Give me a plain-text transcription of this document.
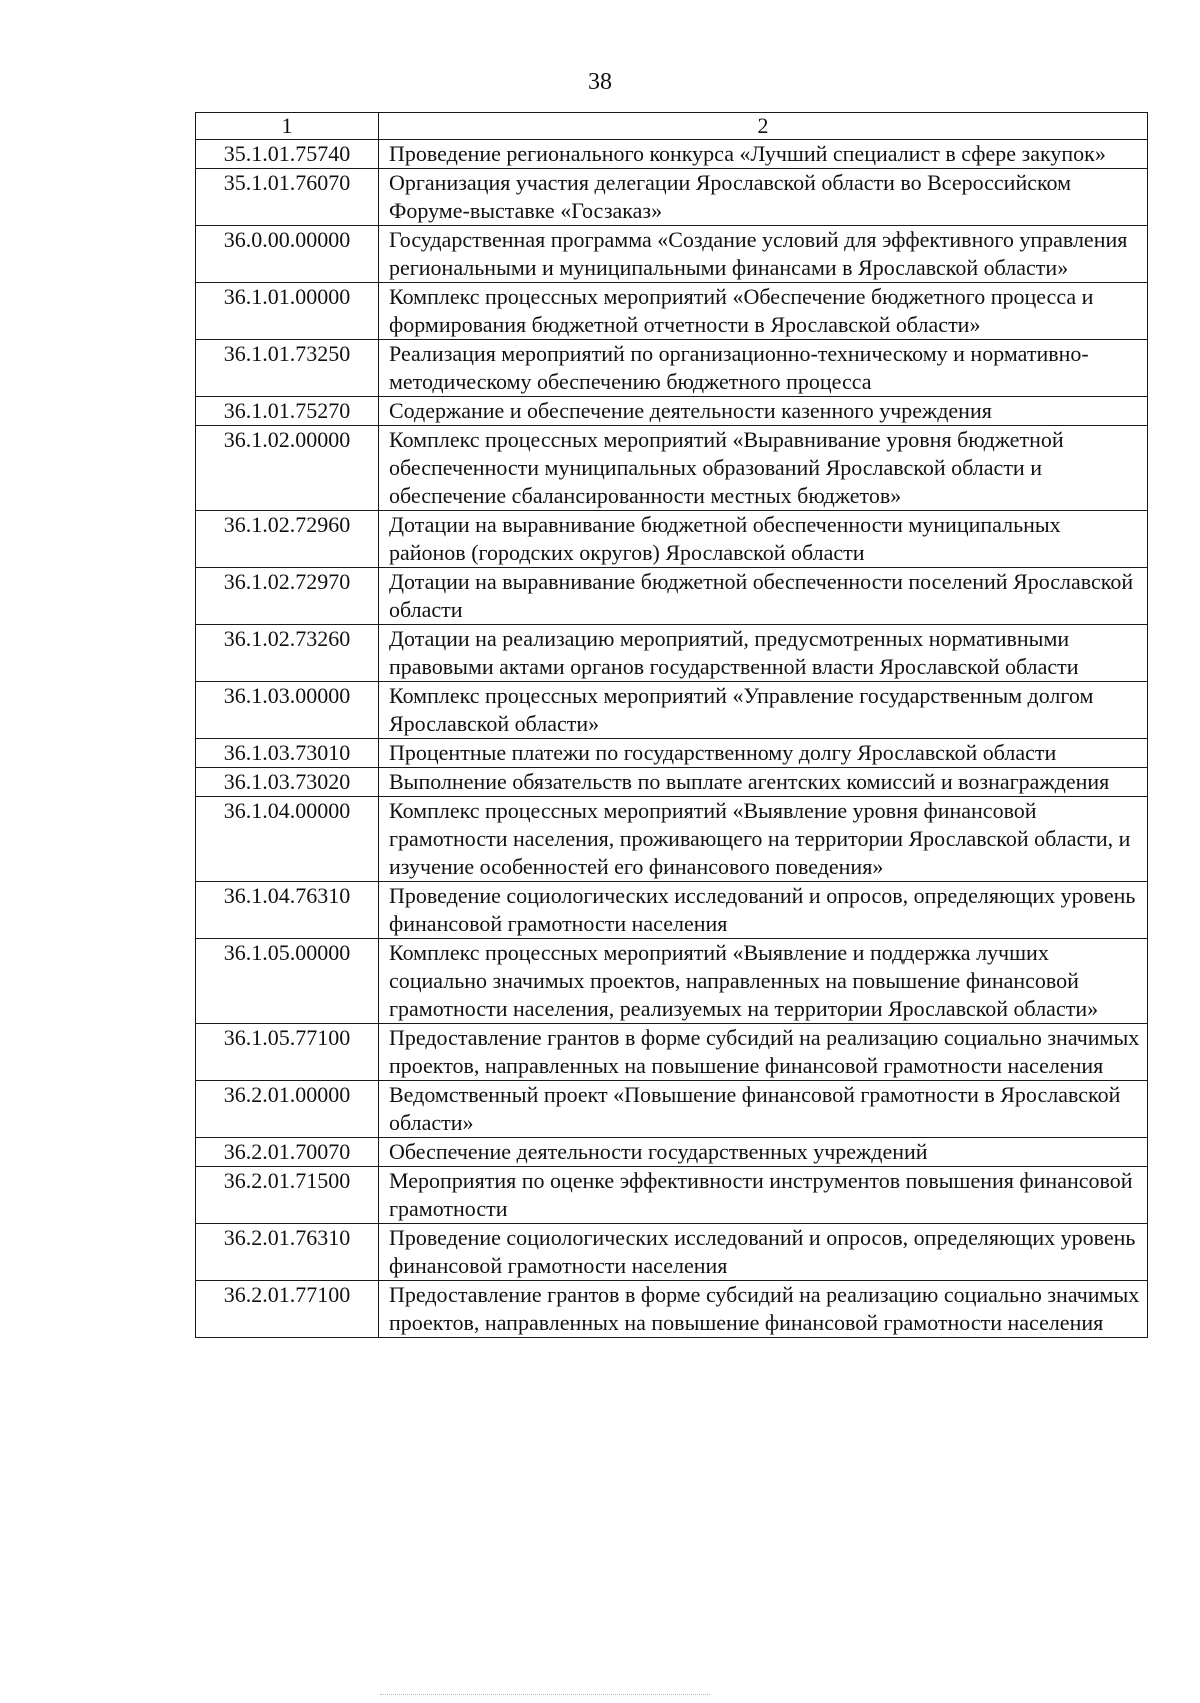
38
1	2
35.1.01.75740	Проведение регионального конкурса «Лучший специалист в сфере закупок»
35.1.01.76070	Организация участия делегации Ярославской области во Всероссийском Форуме-выставке «Госзаказ»
36.0.00.00000	Государственная программа «Создание условий для эффективного управления региональными и муниципальными финансами в Ярославской области»
36.1.01.00000	Комплекс процессных мероприятий «Обеспечение бюджетного процесса и формирования бюджетной отчетности в Ярославской области»
36.1.01.73250	Реализация мероприятий по организационно-техническому и нормативно-методическому обеспечению бюджетного процесса
36.1.01.75270	Содержание и обеспечение деятельности казенного учреждения
36.1.02.00000	Комплекс процессных мероприятий «Выравнивание уровня бюджетной обеспеченности муниципальных образований Ярославской области и обеспечение сбалансированности местных бюджетов»
36.1.02.72960	Дотации на выравнивание бюджетной обеспеченности муниципальных районов (городских округов) Ярославской области
36.1.02.72970	Дотации на выравнивание бюджетной обеспеченности поселений Ярославской области
36.1.02.73260	Дотации на реализацию мероприятий, предусмотренных нормативными правовыми актами органов государственной власти Ярославской области
36.1.03.00000	Комплекс процессных мероприятий «Управление государственным долгом Ярославской области»
36.1.03.73010	Процентные платежи по государственному долгу Ярославской области
36.1.03.73020	Выполнение обязательств по выплате агентских комиссий и вознаграждения
36.1.04.00000	Комплекс процессных мероприятий «Выявление уровня финансовой грамотности населения, проживающего на территории Ярославской области, и изучение особенностей его финансового поведения»
36.1.04.76310	Проведение социологических исследований и опросов, определяющих уровень финансовой грамотности населения
36.1.05.00000	Комплекс процессных мероприятий «Выявление и поддержка лучших социально значимых проектов, направленных на повышение финансовой грамотности населения, реализуемых на территории Ярославской области»
36.1.05.77100	Предоставление грантов в форме субсидий на реализацию социально значимых проектов, направленных на повышение финансовой грамотности населения
36.2.01.00000	Ведомственный проект «Повышение финансовой грамотности в Ярославской области»
36.2.01.70070	Обеспечение деятельности государственных учреждений
36.2.01.71500	Мероприятия по оценке эффективности инструментов повышения финансовой грамотности
36.2.01.76310	Проведение социологических исследований и опросов, определяющих уровень финансовой грамотности населения
36.2.01.77100	Предоставление грантов в форме субсидий на реализацию социально значимых проектов, направленных на повышение финансовой грамотности населения
